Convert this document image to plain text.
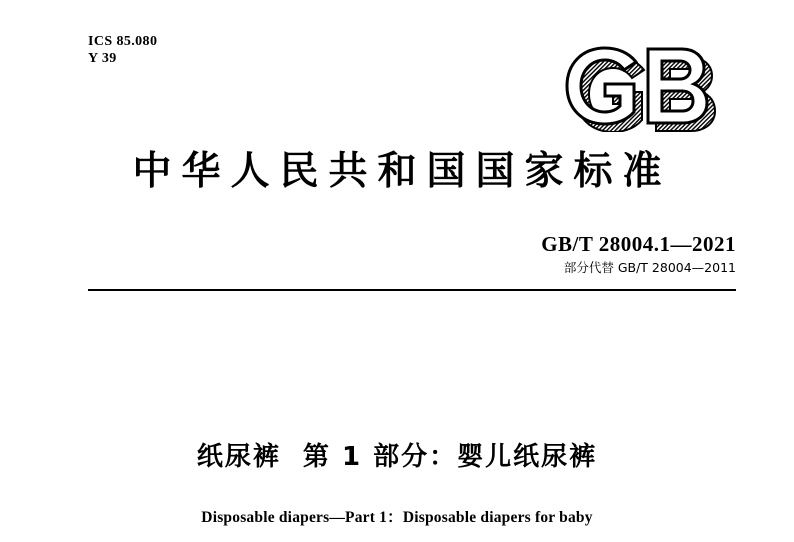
ICS 85.080
Y 39
中华人民共和国国家标准
GB/T 28004.1—2021
部分代替 GB/T 28004—2011
纸尿裤 第 1 部分：婴儿纸尿裤
Disposable diapers—Part 1：Disposable diapers for baby
